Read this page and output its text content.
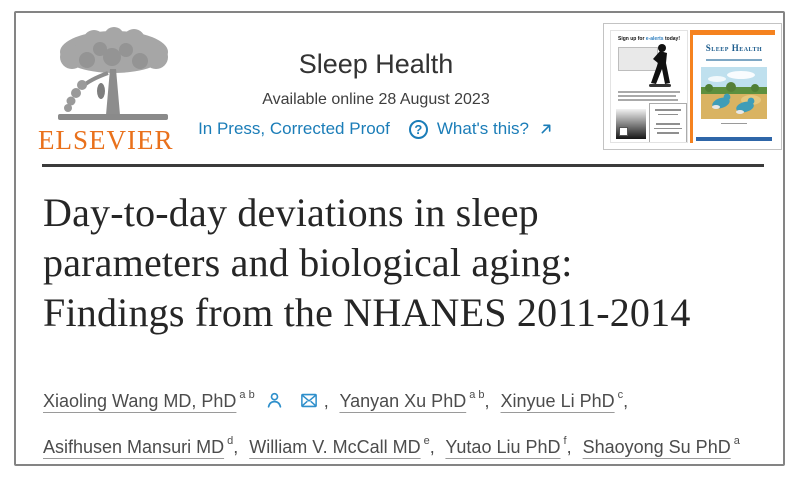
ELSEVIER
Sleep Health
Available online 28 August 2023
In Press, Corrected Proof	? What's this?
Sign up for e-alerts today!
Sleep Health
Day-to-day deviations in sleep
parameters and biological aging:
Findings from the NHANES 2011-2014
Xiaoling Wang MD, PhD $^{a b}$	, Yanyan Xu PhD $^{a b}$, Xinyue Li PhD $^c$,
Asifhusen Mansuri MD $^d$, William V. McCall MD $^e$, Yutao Liu PhD $^f$, Shaoyong Su PhD $^a$
